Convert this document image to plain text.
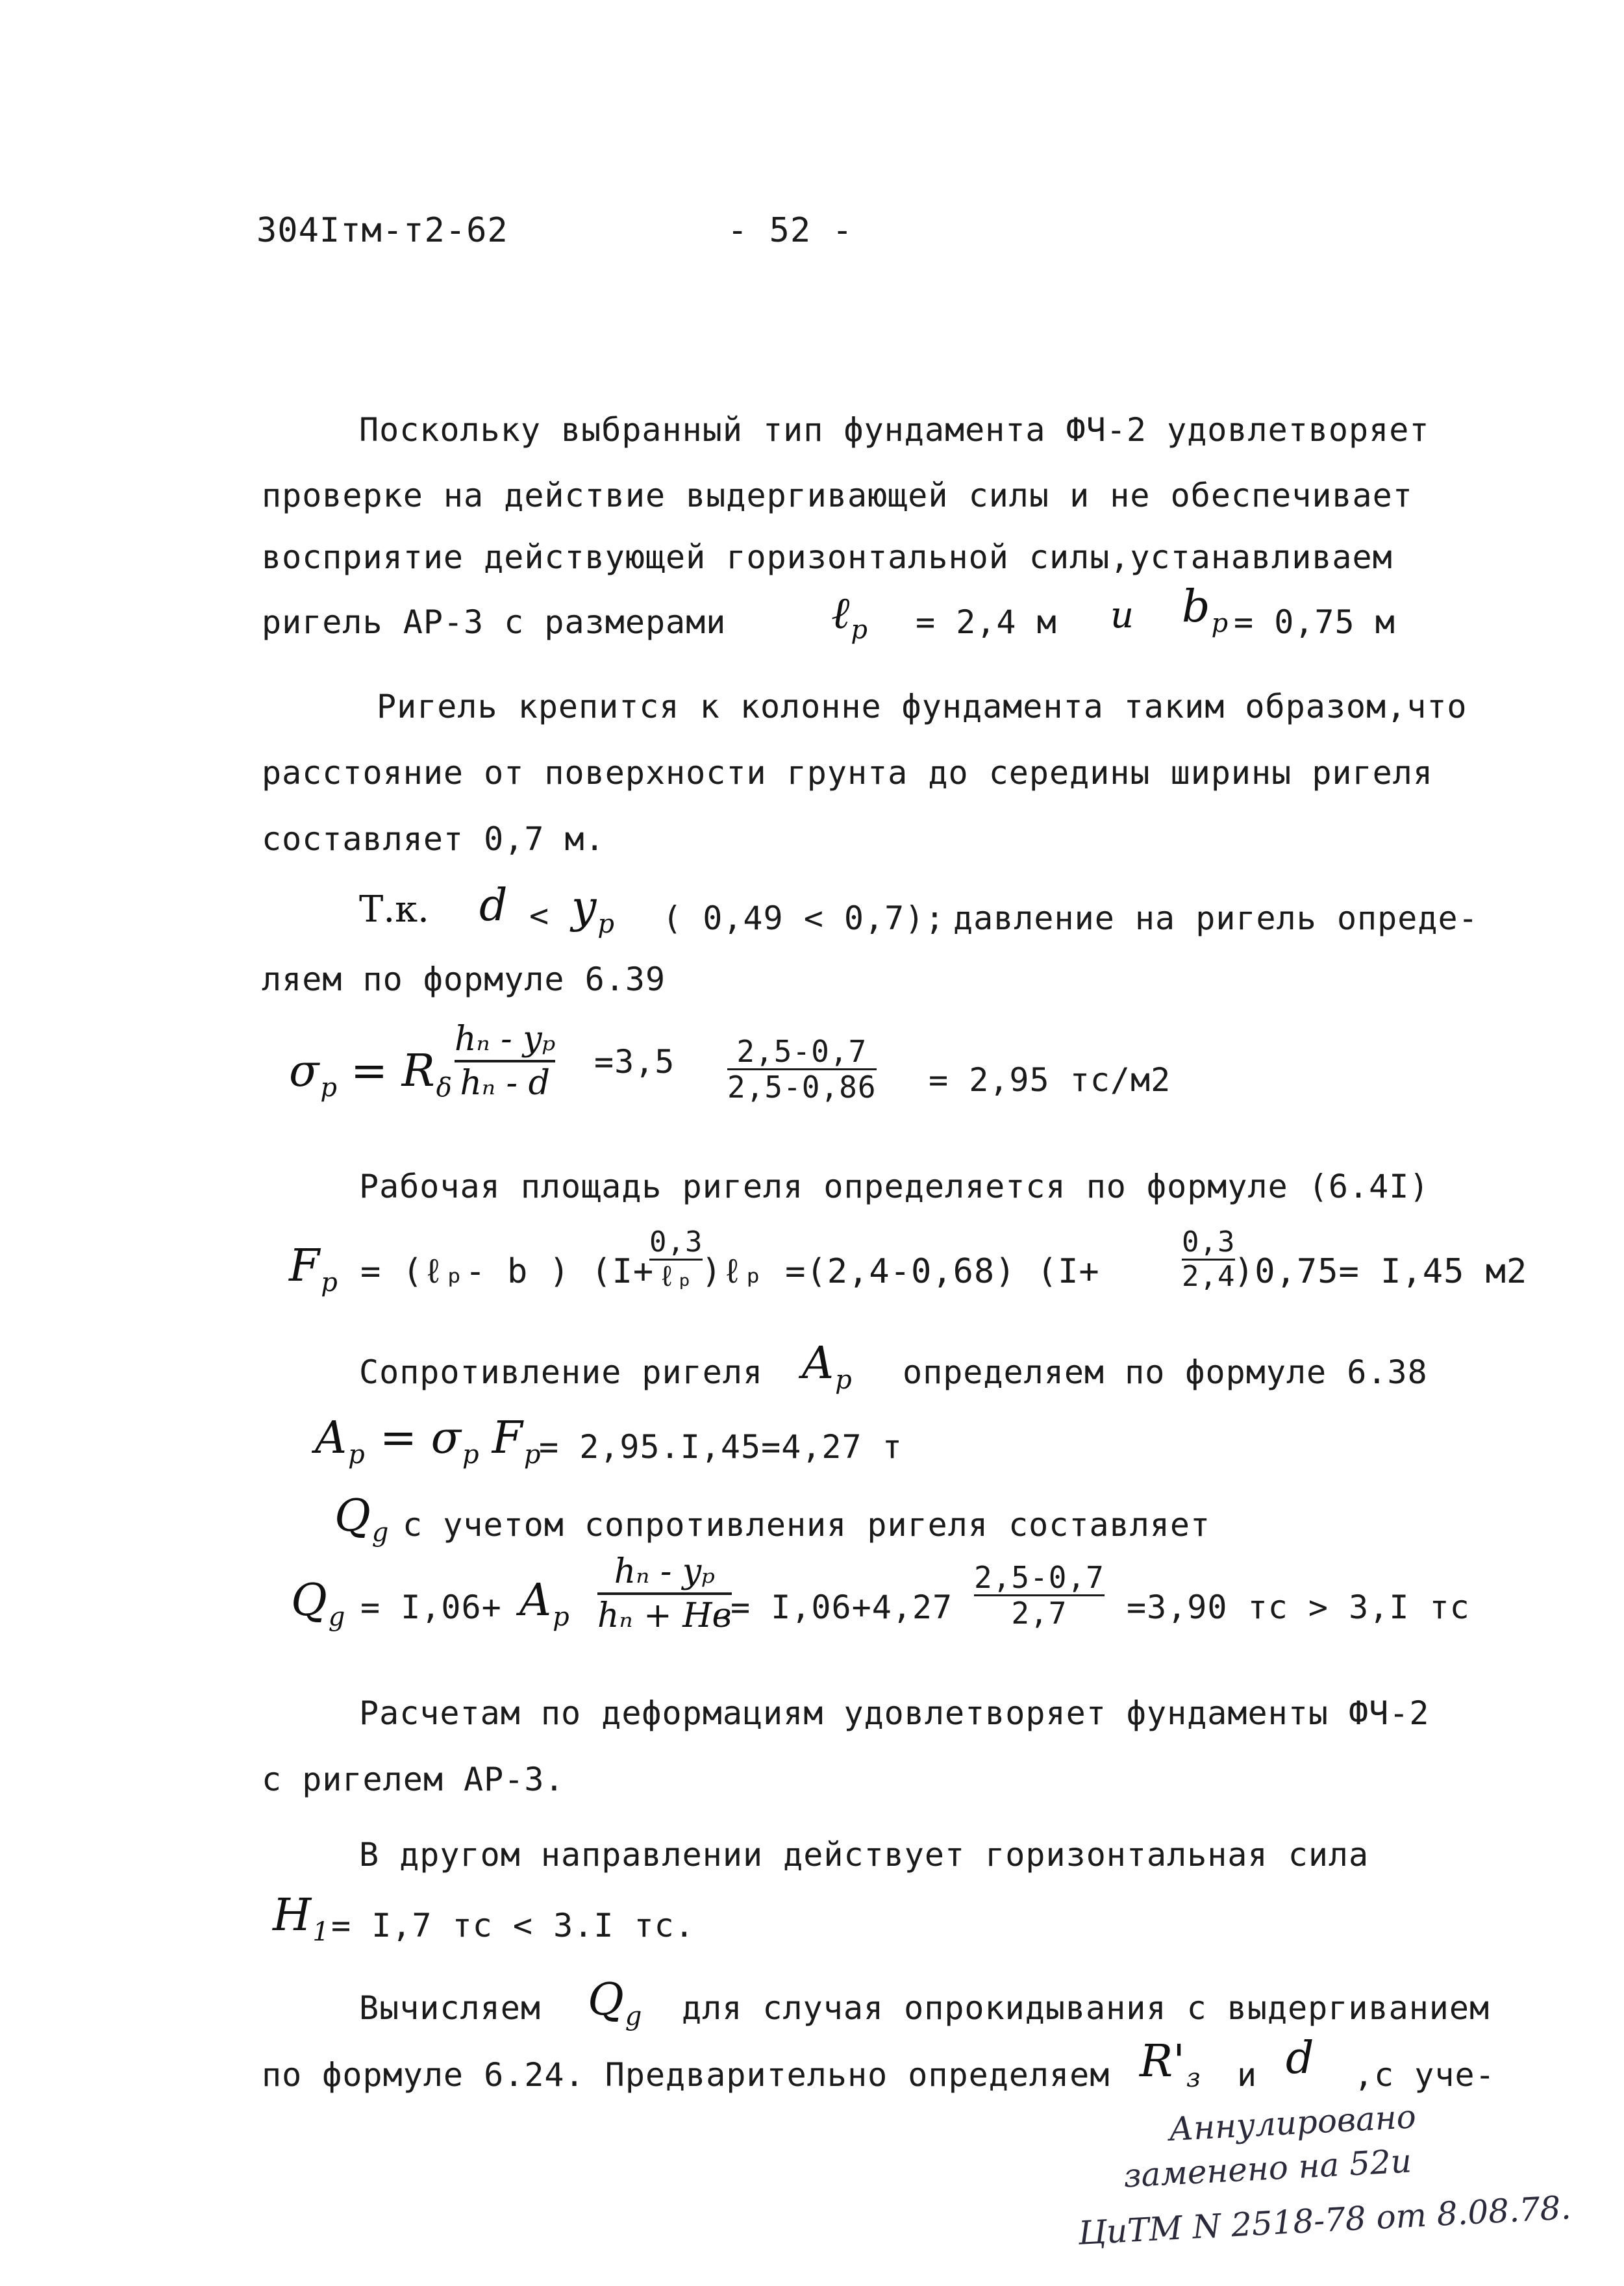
304Iтм-т2-62	- 52 -
Поскольку выбранный тип фундамента ФЧ-2 удовлетворяет
проверке на действие выдергивающей силы и не обеспечивает
восприятие действующей горизонтальной силы,устанавливаем
ригель АР-3 с размерами ℓ$_p$ = 2,4 м и $b_p = 0,75$ м
Ригель крепится к колонне фундамента таким образом,что
расстояние от поверхности грунта до середины ширины ригеля
составляет 0,7 м.
Т.к. $d < y_p$ ( 0,49 < 0,7); давление на ригель опреде-
ляем по формуле 6.39
$\sigma_p = R_\delta$
hₙ - yₚ
hₙ - d
=3,5	2,5-0,7
2,5-0,86 = 2,95 тс/м2
Рабочая площадь ригеля определяется по формуле (6.4I)
$F_p$ = (ℓₚ- b ) (I+
0,3
ℓₚ )ℓₚ =(2,4-0,68) (I+
0,3
2,4
)0,75= I,45 м2
Сопротивление ригеля $A_p$ определяем по формуле 6.38
$A_p = \sigma_p$ $F_p$
= 2,95.I,45=4,27 т
$Q_g$ с учетом сопротивления ригеля составляет
$Q_g = I,06+ A_p$
hₙ - yₚ
hₙ + Hв
= I,06+4,27
2,5-0,7
2,7	=3,90 тс > 3,I тс
Расчетам по деформациям удовлетворяет фундаменты ФЧ-2
с ригелем АР-3.
В другом направлении действует горизонтальная сила
$H_1 = I,7$ тс < 3.I тс.
Вычисляем $Q_g$ для случая опрокидывания с выдергиванием
по формуле 6.24. Предварительно определяем $R'_з$ и d ,с уче-
Аннулировано
заменено на 52и
ЦиТМ N 2518-78 от 8.08.78.
